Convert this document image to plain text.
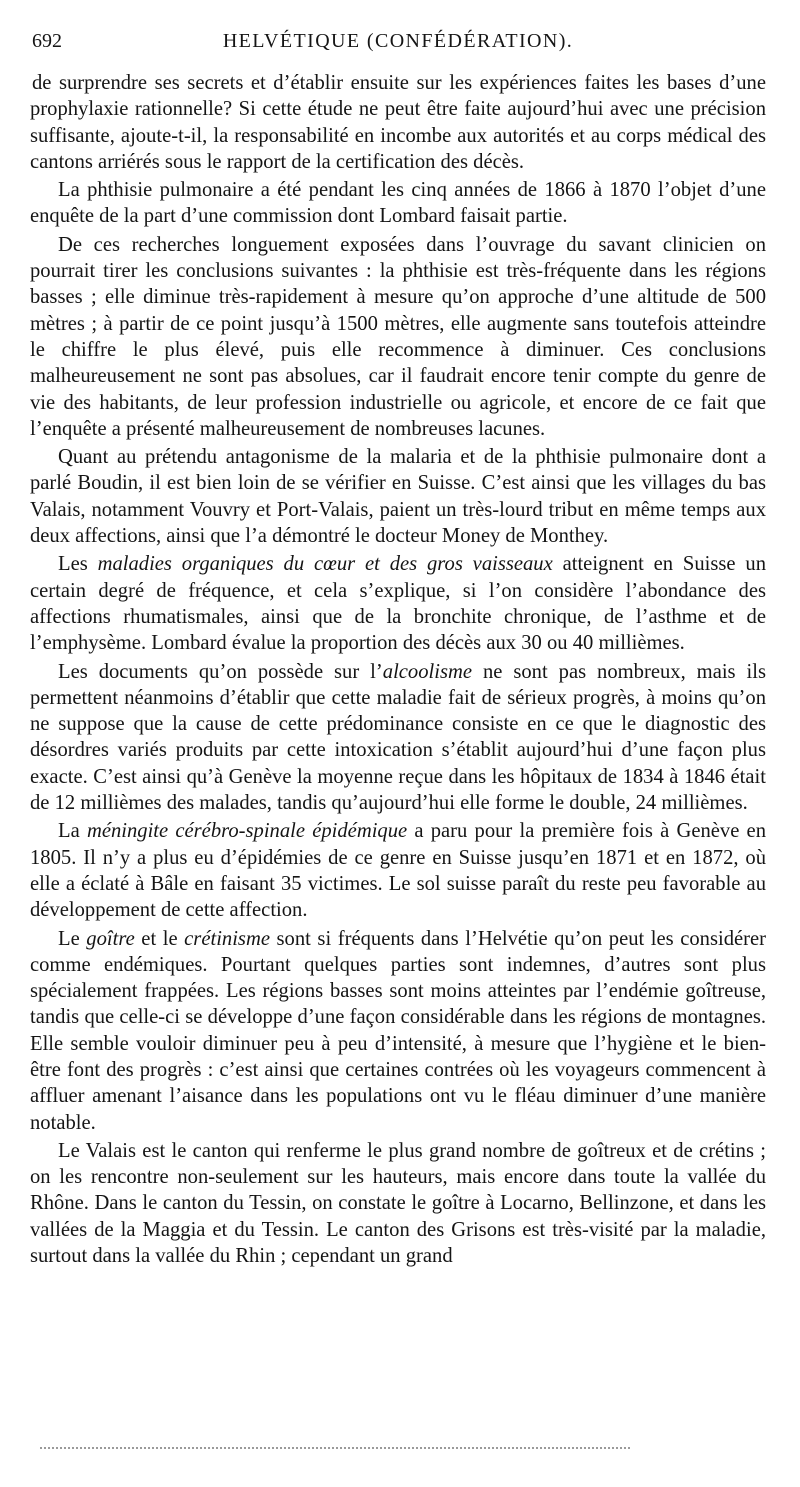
692	HELVÉTIQUE (CONFÉDÉRATION).

de surprendre ses secrets et d’établir ensuite sur les expériences faites les bases d’une prophylaxie rationnelle? Si cette étude ne peut être faite aujourd’hui avec une précision suffisante, ajoute-t-il, la responsabilité en incombe aux autorités et au corps médical des cantons arriérés sous le rapport de la certification des décès.

La phthisie pulmonaire a été pendant les cinq années de 1866 à 1870 l’objet d’une enquête de la part d’une commission dont Lombard faisait partie.

De ces recherches longuement exposées dans l’ouvrage du savant clinicien on pourrait tirer les conclusions suivantes : la phthisie est très-fréquente dans les régions basses ; elle diminue très-rapidement à mesure qu’on approche d’une altitude de 500 mètres ; à partir de ce point jusqu’à 1500 mètres, elle augmente sans toutefois atteindre le chiffre le plus élevé, puis elle recommence à diminuer. Ces conclusions malheureusement ne sont pas absolues, car il faudrait encore tenir compte du genre de vie des habitants, de leur profession industrielle ou agricole, et encore de ce fait que l’enquête a présenté malheureusement de nombreuses lacunes.

Quant au prétendu antagonisme de la malaria et de la phthisie pulmonaire dont a parlé Boudin, il est bien loin de se vérifier en Suisse. C’est ainsi que les villages du bas Valais, notamment Vouvry et Port-Valais, paient un très-lourd tribut en même temps aux deux affections, ainsi que l’a démontré le docteur Money de Monthey.

Les maladies organiques du cœur et des gros vaisseaux atteignent en Suisse un certain degré de fréquence, et cela s’explique, si l’on considère l’abondance des affections rhumatismales, ainsi que de la bronchite chronique, de l’asthme et de l’emphysème. Lombard évalue la proportion des décès aux 30 ou 40 millièmes.

Les documents qu’on possède sur l’alcoolisme ne sont pas nombreux, mais ils permettent néanmoins d’établir que cette maladie fait de sérieux progrès, à moins qu’on ne suppose que la cause de cette prédominance consiste en ce que le diagnostic des désordres variés produits par cette intoxication s’établit aujourd’hui d’une façon plus exacte. C’est ainsi qu’à Genève la moyenne reçue dans les hôpitaux de 1834 à 1846 était de 12 millièmes des malades, tandis qu’aujourd’hui elle forme le double, 24 millièmes.

La méningite cérébro-spinale épidémique a paru pour la première fois à Genève en 1805. Il n’y a plus eu d’épidémies de ce genre en Suisse jusqu’en 1871 et en 1872, où elle a éclaté à Bâle en faisant 35 victimes. Le sol suisse paraît du reste peu favorable au développement de cette affection.

Le goître et le crétinisme sont si fréquents dans l’Helvétie qu’on peut les considérer comme endémiques. Pourtant quelques parties sont indemnes, d’autres sont plus spécialement frappées. Les régions basses sont moins atteintes par l’endémie goîtreuse, tandis que celle-ci se développe d’une façon considérable dans les régions de montagnes. Elle semble vouloir diminuer peu à peu d’intensité, à mesure que l’hygiène et le bien-être font des progrès : c’est ainsi que certaines contrées où les voyageurs commencent à affluer amenant l’aisance dans les populations ont vu le fléau diminuer d’une manière notable.

Le Valais est le canton qui renferme le plus grand nombre de goîtreux et de crétins ; on les rencontre non-seulement sur les hauteurs, mais encore dans toute la vallée du Rhône. Dans le canton du Tessin, on constate le goître à Locarno, Bellinzone, et dans les vallées de la Maggia et du Tessin. Le canton des Grisons est très-visité par la maladie, surtout dans la vallée du Rhin ; cependant un grand
